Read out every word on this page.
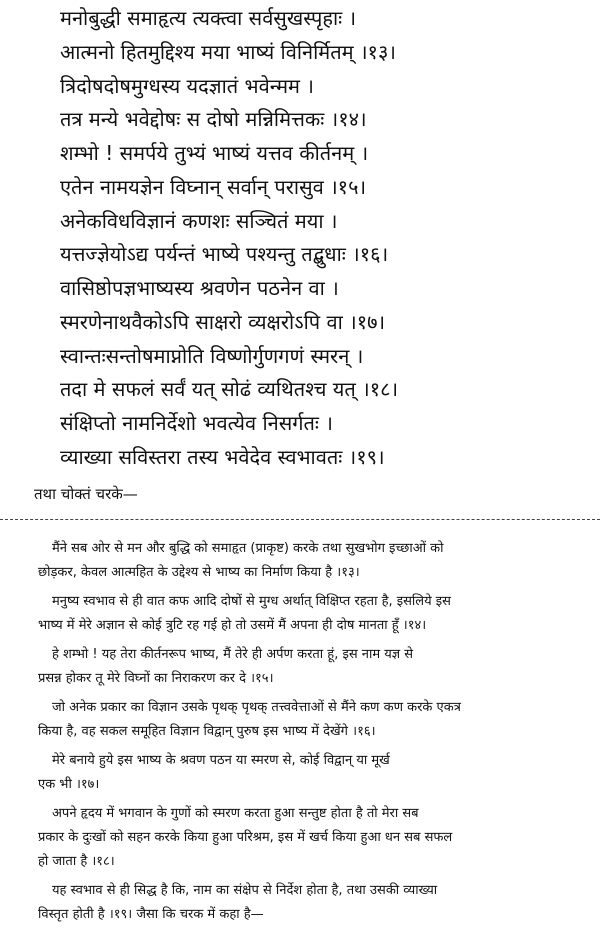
मनोबुद्धी समाहृत्य त्यक्त्वा सर्वसुखस्पृहाः ।
आत्मनो हितमुद्दिश्य मया भाष्यं विनिर्मितम् ।१३।
त्रिदोषदोषमुग्धस्य यदज्ञातं भवेन्मम ।
तत्र मन्ये भवेद्दोषः स दोषो मन्निमित्तकः ।१४।
शम्भो ! समर्पये तुभ्यं भाष्यं यत्तव कीर्तनम् ।
एतेन नामयज्ञेन विघ्नान् सर्वान् परासुव ।१५।
अनेकविधविज्ञानं कणशः सञ्चितं मया ।
यत्तज्ज्ञेयोऽद्य पर्यन्तं भाष्ये पश्यन्तु तद्बुधाः ।१६।
वासिष्ठोपज्ञभाष्यस्य श्रवणेन पठनेन वा ।
स्मरणेनाथवैकोऽपि साक्षरो व्यक्षरोऽपि वा ।१७।
स्वान्तःसन्तोषमाप्नोति विष्णोर्गुणगणं स्मरन् ।
तदा मे सफलं सर्वं यत् सोढं व्यथितश्च यत् ।१८।
संक्षिप्तो नामनिर्देशो भवत्येव निसर्गतः ।
व्याख्या सविस्तरा तस्य भवेदेव स्वभावतः ।१९।
तथा चोक्तं चरके—
मैंने सब ओर से मन और बुद्धि को समाहृत (प्राकृष्ट) करके तथा सुखभोग इच्छाओं को
छोड़कर, केवल आत्महित के उद्देश्य से भाष्य का निर्माण किया है ।१३।
मनुष्य स्वभाव से ही वात कफ आदि दोषों से मुग्ध अर्थात् विक्षिप्त रहता है, इसलिये इस
भाष्य में मेरे अज्ञान से कोई त्रुटि रह गई हो तो उसमें मैं अपना ही दोष मानता हूँ ।१४।
हे शम्भो ! यह तेरा कीर्तनरूप भाष्य, मैं तेरे ही अर्पण करता हूं, इस नाम यज्ञ से
प्रसन्न होकर तू मेरे विघ्नों का निराकरण कर दे ।१५।
जो अनेक प्रकार का विज्ञान उसके पृथक् पृथक् तत्त्ववेत्ताओं से मैंने कण कण करके एकत्र
किया है, वह सकल समूहित विज्ञान विद्वान् पुरुष इस भाष्य में देखेंगे ।१६।
मेरे बनाये हुये इस भाष्य के श्रवण पठन या स्मरण से, कोई विद्वान् या मूर्ख
एक भी ।१७।
अपने हृदय में भगवान के गुणों को स्मरण करता हुआ सन्तुष्ट होता है तो मेरा सब
प्रकार के दुःखों को सहन करके किया हुआ परिश्रम, इस में खर्च किया हुआ धन सब सफल
हो जाता है ।१८।
यह स्वभाव से ही सिद्ध है कि, नाम का संक्षेप से निर्देश होता है, तथा उसकी व्याख्या
विस्तृत होती है ।१९। जैसा कि चरक में कहा है—
